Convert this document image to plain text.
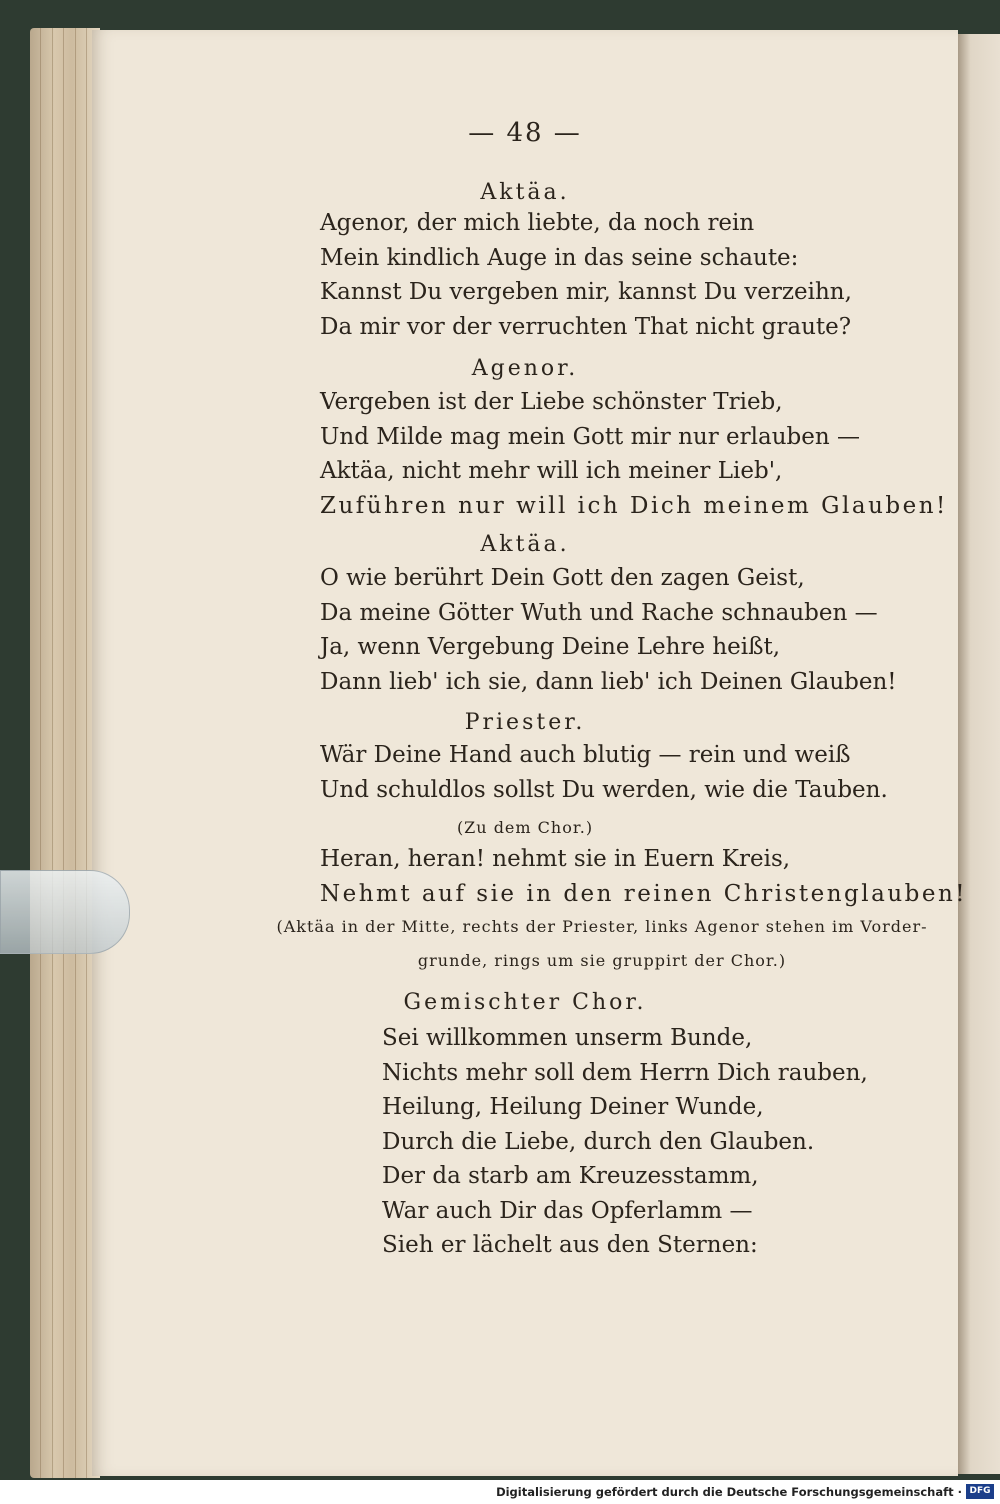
— 48 —
Aktäa.
Agenor, der mich liebte, da noch rein
Mein kindlich Auge in das seine schaute:
Kannst Du vergeben mir, kannst Du verzeihn,
Da mir vor der verruchten That nicht graute?
Agenor.
Vergeben ist der Liebe schönster Trieb,
Und Milde mag mein Gott mir nur erlauben —
Aktäa, nicht mehr will ich meiner Lieb',
Zuführen nur will ich Dich meinem Glauben!
Aktäa.
O wie berührt Dein Gott den zagen Geist,
Da meine Götter Wuth und Rache schnauben —
Ja, wenn Vergebung Deine Lehre heißt,
Dann lieb' ich sie, dann lieb' ich Deinen Glauben!
Priester.
Wär Deine Hand auch blutig — rein und weiß
Und schuldlos sollst Du werden, wie die Tauben.
(Zu dem Chor.)
Heran, heran! nehmt sie in Euern Kreis,
Nehmt auf sie in den reinen Christenglauben!
(Aktäa in der Mitte, rechts der Priester, links Agenor stehen im Vorder-
grunde, rings um sie gruppirt der Chor.)
Gemischter Chor.
Sei willkommen unserm Bunde,
Nichts mehr soll dem Herrn Dich rauben,
Heilung, Heilung Deiner Wunde,
Durch die Liebe, durch den Glauben.
Der da starb am Kreuzesstamm,
War auch Dir das Opferlamm —
Sieh er lächelt aus den Sternen:
Digitalisierung gefördert durch die Deutsche Forschungsgemeinschaft · DFG
